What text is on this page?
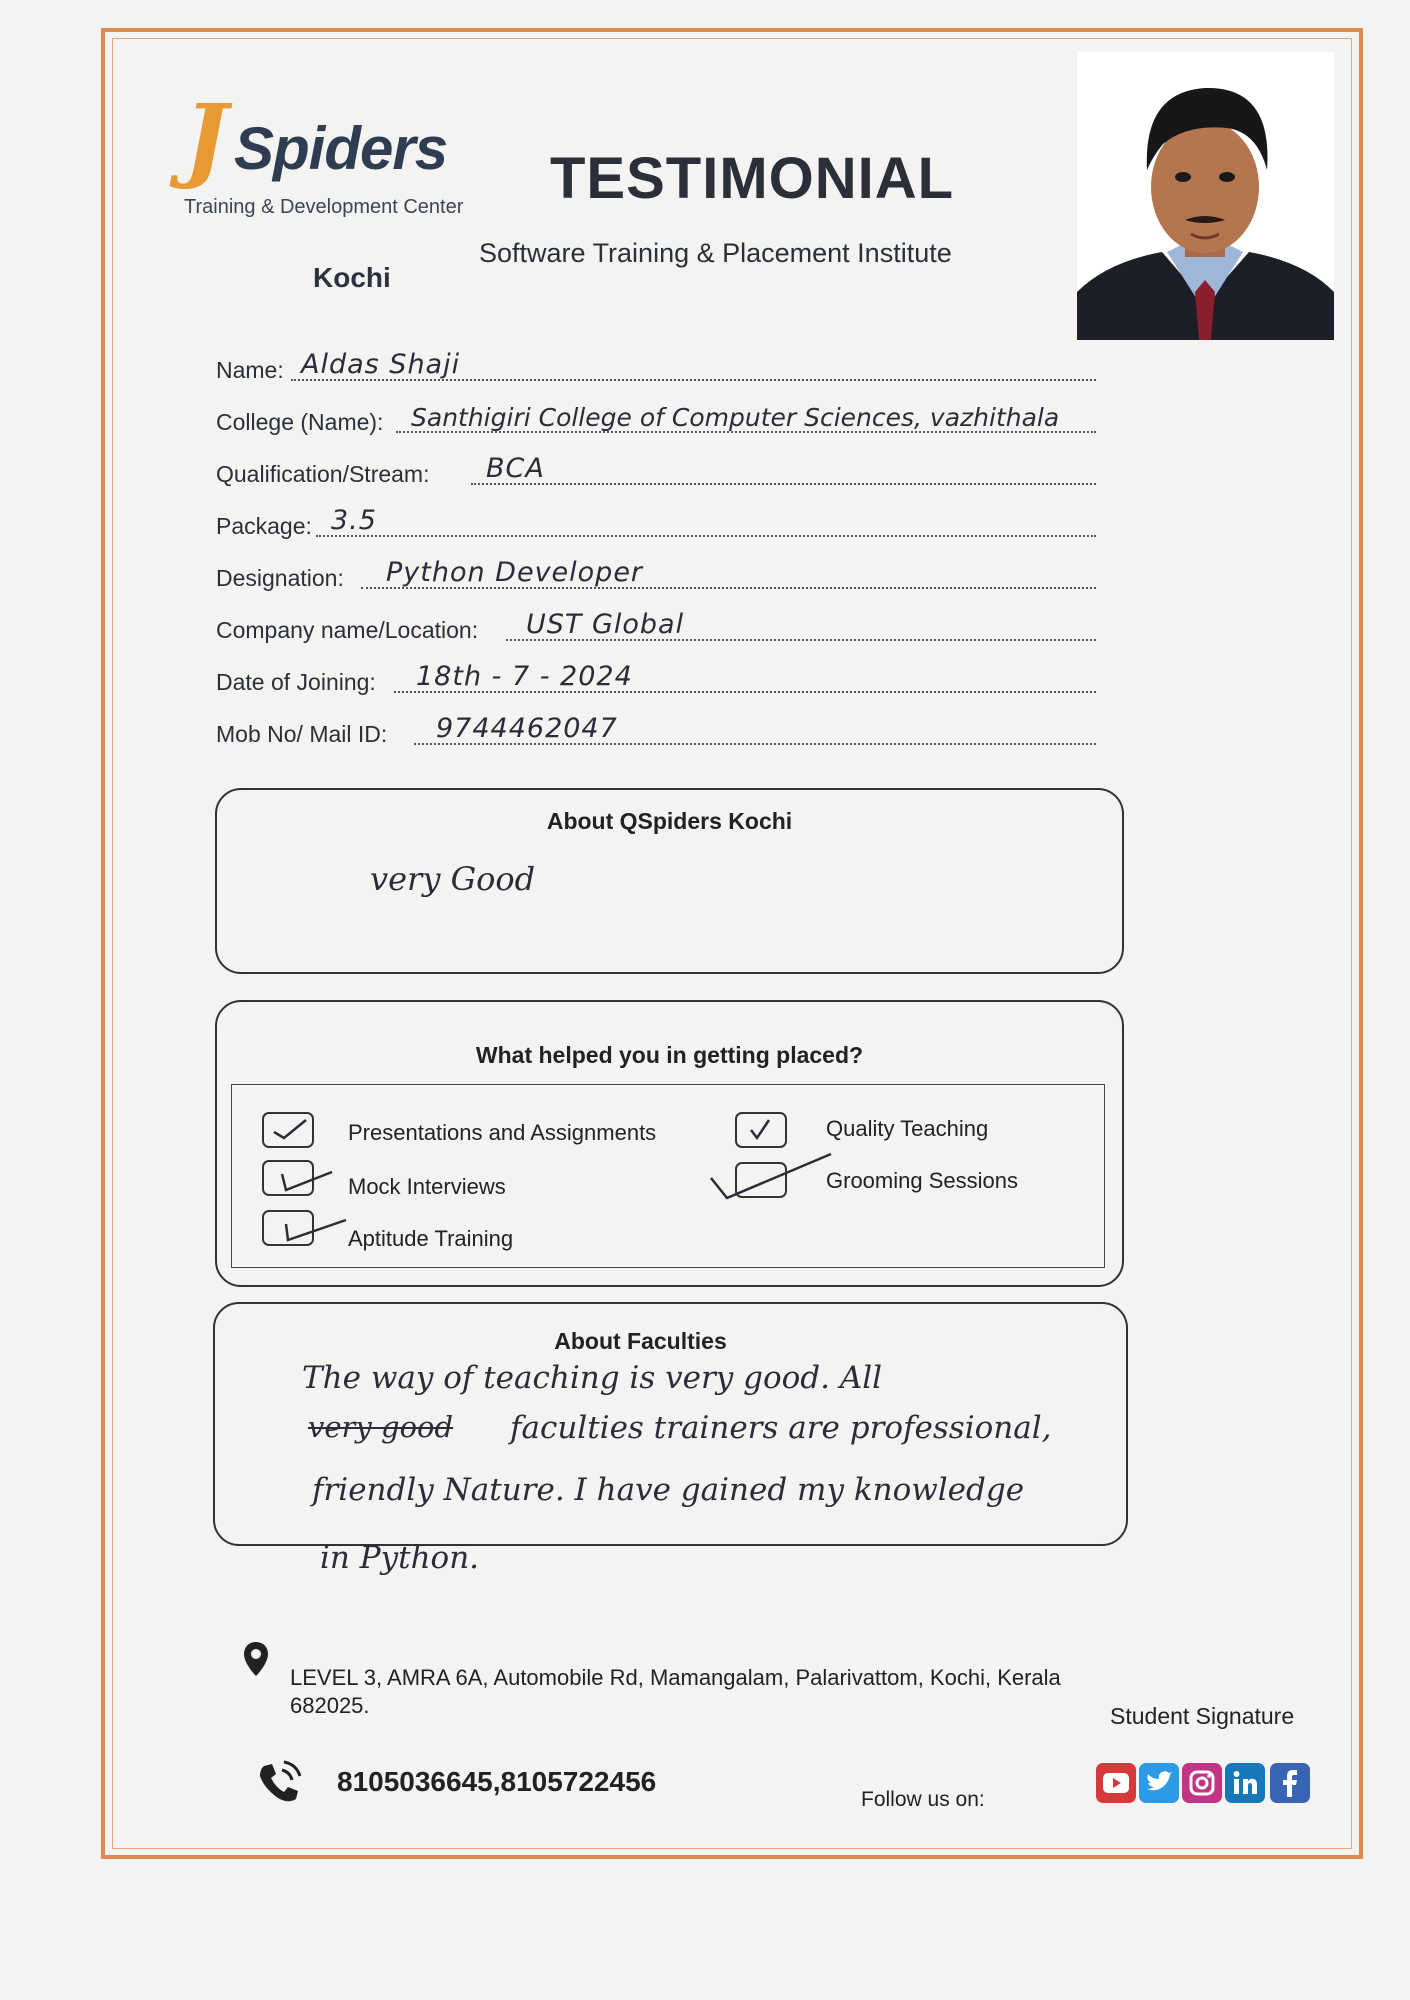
J Spiders
Training & Development Center
Kochi
TESTIMONIAL
Software Training & Placement Institute
Name: Aldas Shaji
College (Name): Santhigiri College of Computer Sciences, vazhithala
Qualification/Stream: BCA
Package: 3.5
Designation: Python Developer
Company name/Location: UST Global
Date of Joining: 18th - 7 - 2024
Mob No/ Mail ID: 9744462047
About QSpiders Kochi
very Good
What helped you in getting placed?
Presentations and Assignments
Mock Interviews
Aptitude Training
Quality Teaching
Grooming Sessions
About Faculties
The way of teaching is very good. All
very good faculties trainers are professional,
friendly Nature. I have gained my knowledge
in Python.
LEVEL 3, AMRA 6A, Automobile Rd, Mamangalam, Palarivattom, Kochi, Kerala 682025.
8105036645,8105722456
Follow us on:
Student Signature
